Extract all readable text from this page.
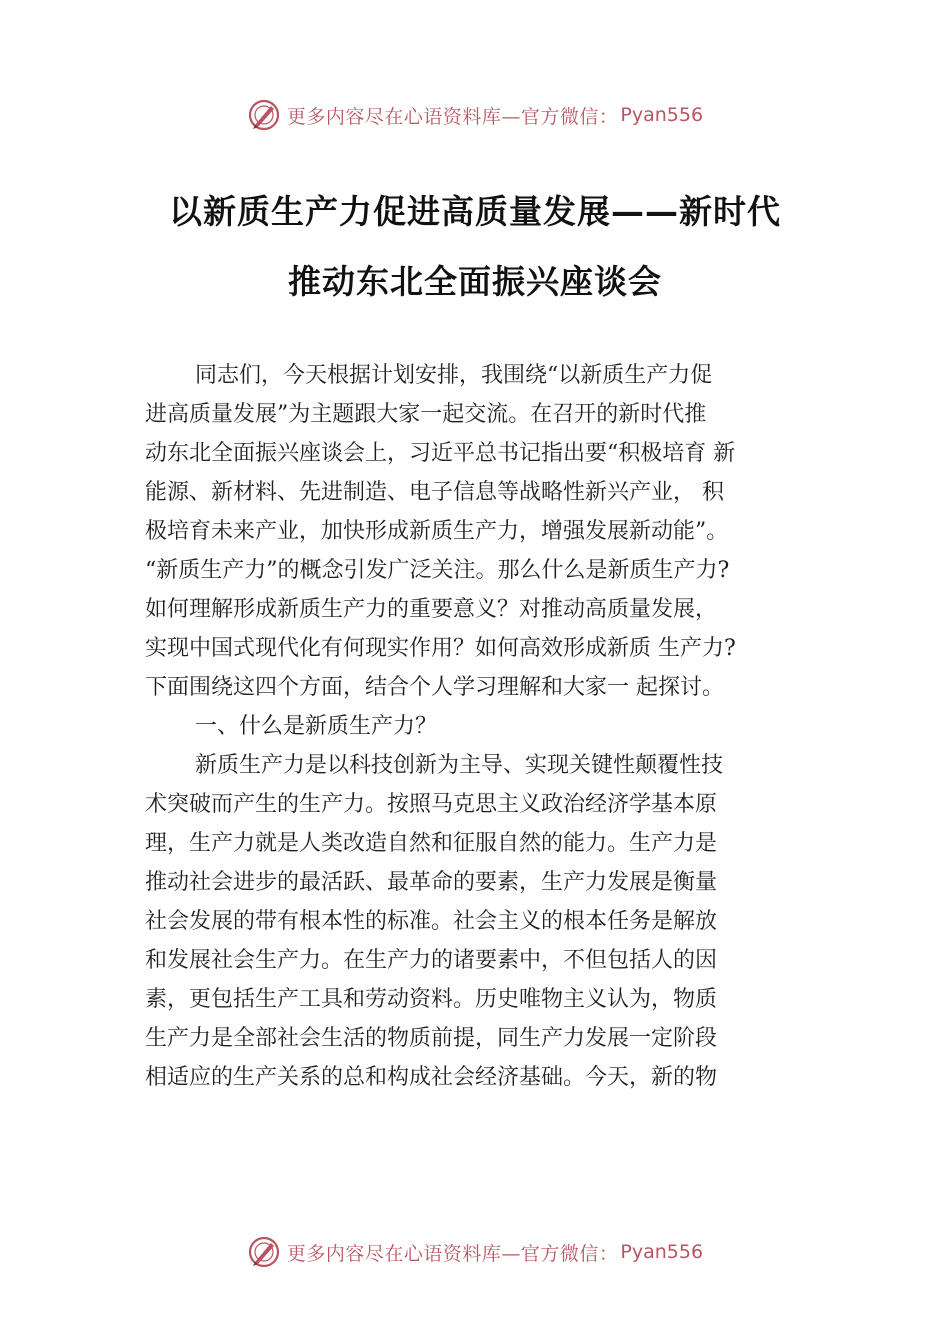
更多内容尽在心语资料库—官方微信： Pyan556
以新质生产力促进高质量发展——新时代
推动东北全面振兴座谈会
同志们，今天根据计划安排，我围绕“以新质生产力促
进高质量发展”为主题跟大家一起交流。在召开的新时代推
动东北全面振兴座谈会上，习近平总书记指出要“积极培育 新
能源、新材料、先进制造、电子信息等战略性新兴产业， 积
极培育未来产业，加快形成新质生产力，增强发展新动能”。
“新质生产力”的概念引发广泛关注。那么什么是新质生产力?
如何理解形成新质生产力的重要意义？对推动高质量发展，
实现中国式现代化有何现实作用？如何高效形成新质 生产力?
下面围绕这四个方面，结合个人学习理解和大家一 起探讨。
一、什么是新质生产力？
新质生产力是以科技创新为主导、实现关键性颠覆性技
术突破而产生的生产力。按照马克思主义政治经济学基本原
理，生产力就是人类改造自然和征服自然的能力。生产力是
推动社会进步的最活跃、最革命的要素，生产力发展是衡量
社会发展的带有根本性的标准。社会主义的根本任务是解放
和发展社会生产力。在生产力的诸要素中，不但包括人的因
素，更包括生产工具和劳动资料。历史唯物主义认为，物质
生产力是全部社会生活的物质前提，同生产力发展一定阶段
相适应的生产关系的总和构成社会经济基础。今天，新的物
更多内容尽在心语资料库—官方微信： Pyan556
